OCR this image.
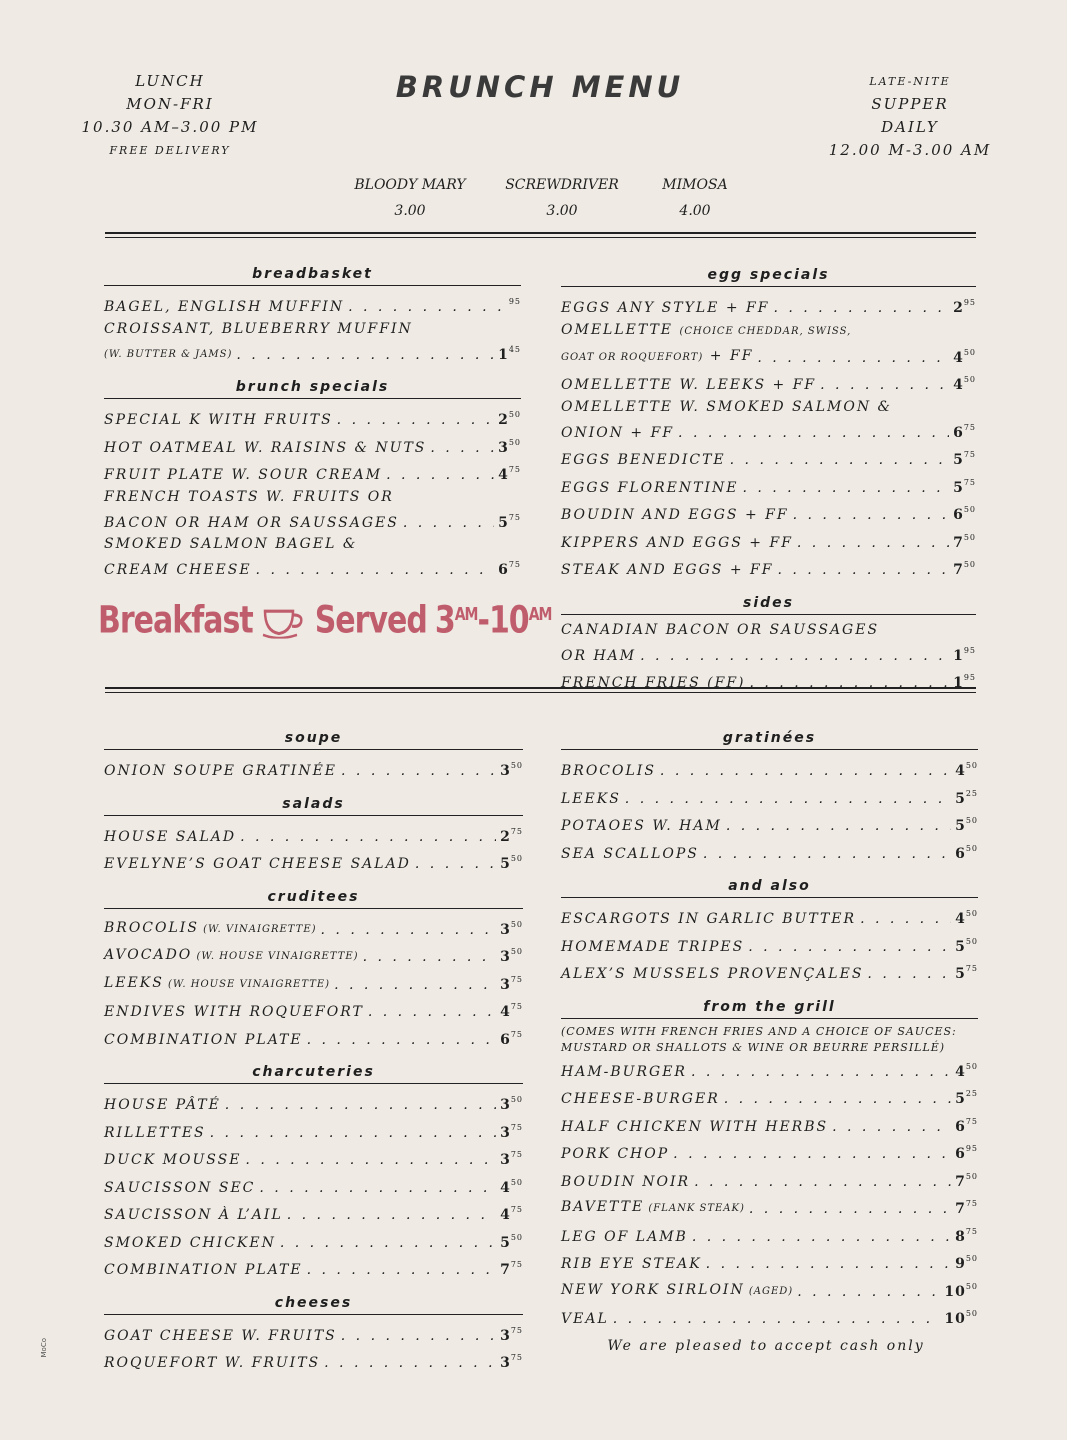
LUNCH
MON-FRI
10.30 AM–3.00 PM
FREE DELIVERY
BRUNCH MENU	LATE-NITE
SUPPER
DAILY
12.00 M-3.00 AM
BLOODY MARY
3.00
SCREWDRIVER
3.00
MIMOSA
4.00
breadbasket
BAGEL, ENGLISH MUFFIN . . .	$^{95}$
CROISSANT, BLUEBERRY MUFFIN
(W. BUTTER & JAMS) . . .	$1^{45}$
brunch specials
SPECIAL K WITH FRUITS . . .	$2^{50}$
HOT OATMEAL W. RAISINS & NUTS . . .	$3^{50}$
FRUIT PLATE W. SOUR CREAM . . .	$4^{75}$
FRENCH TOASTS W. FRUITS OR
BACON OR HAM OR SAUSSAGES . . .	$5^{75}$
SMOKED SALMON BAGEL &
CREAM CHEESE . . .	$6^{75}$
Breakfast Served $3^{AM}-10^{AM}$
egg specials
EGGS ANY STYLE + FF . . .	$2^{95}$
OMELLETTE (CHOICE CHEDDAR, SWISS,
GOAT OR ROQUEFORT) + FF . . .	$4^{50}$
OMELLETTE W. LEEKS + FF . . .	$4^{50}$
OMELLETTE W. SMOKED SALMON &
ONION + FF . . .	$6^{75}$
EGGS BENEDICTE . . .	$5^{75}$
EGGS FLORENTINE . . .	$5^{75}$
BOUDIN AND EGGS + FF . . .	$6^{50}$
KIPPERS AND EGGS + FF . . .	$7^{50}$
STEAK AND EGGS + FF . . .	$7^{50}$
sides
CANADIAN BACON OR SAUSSAGES
OR HAM . . .	$1^{95}$
FRENCH FRIES (FF) . . .	$1^{95}$
soupe
ONION SOUPE GRATINÉE . . .	$3^{50}$
salads
HOUSE SALAD . . .	$2^{75}$
EVELYNE’S GOAT CHEESE SALAD . . .	$5^{50}$
cruditees
BROCOLIS (W. VINAIGRETTE) . . .	$3^{50}$
AVOCADO (W. HOUSE VINAIGRETTE) . . .	$3^{50}$
LEEKS (W. HOUSE VINAIGRETTE) . . .	$3^{75}$
ENDIVES WITH ROQUEFORT . . .	$4^{75}$
COMBINATION PLATE . . .	$6^{75}$
charcuteries
HOUSE PÂTÉ . . .	$3^{50}$
RILLETTES . . .	$3^{75}$
DUCK MOUSSE . . .	$3^{75}$
SAUCISSON SEC . . .	$4^{50}$
SAUCISSON À L’AIL . . .	$4^{75}$
SMOKED CHICKEN . . .	$5^{50}$
COMBINATION PLATE . . .	$7^{75}$
cheeses
GOAT CHEESE W. FRUITS . . .	$3^{75}$
ROQUEFORT W. FRUITS . . .	$3^{75}$
gratinées
BROCOLIS . . .	$4^{50}$
LEEKS . . .	$5^{25}$
POTAOES W. HAM . . .	$5^{50}$
SEA SCALLOPS . . .	$6^{50}$
and also
ESCARGOTS IN GARLIC BUTTER . . .	$4^{50}$
HOMEMADE TRIPES . . .	$5^{50}$
ALEX’S MUSSELS PROVENÇALES . . .	$5^{75}$
from the grill
(COMES WITH FRENCH FRIES AND A CHOICE OF SAUCES:
MUSTARD OR SHALLOTS & WINE OR BEURRE PERSILLÉ)
HAM-BURGER . . .	$4^{50}$
CHEESE-BURGER . . .	$5^{25}$
HALF CHICKEN WITH HERBS . . .	$6^{75}$
PORK CHOP . . .	$6^{95}$
BOUDIN NOIR . . .	$7^{50}$
BAVETTE (FLANK STEAK) . . .	$7^{75}$
LEG OF LAMB . . .	$8^{75}$
RIB EYE STEAK . . .	$9^{50}$
NEW YORK SIRLOIN (AGED) . . .	$10^{50}$
VEAL . . .	$10^{50}$
We are pleased to accept cash only
MoCo
